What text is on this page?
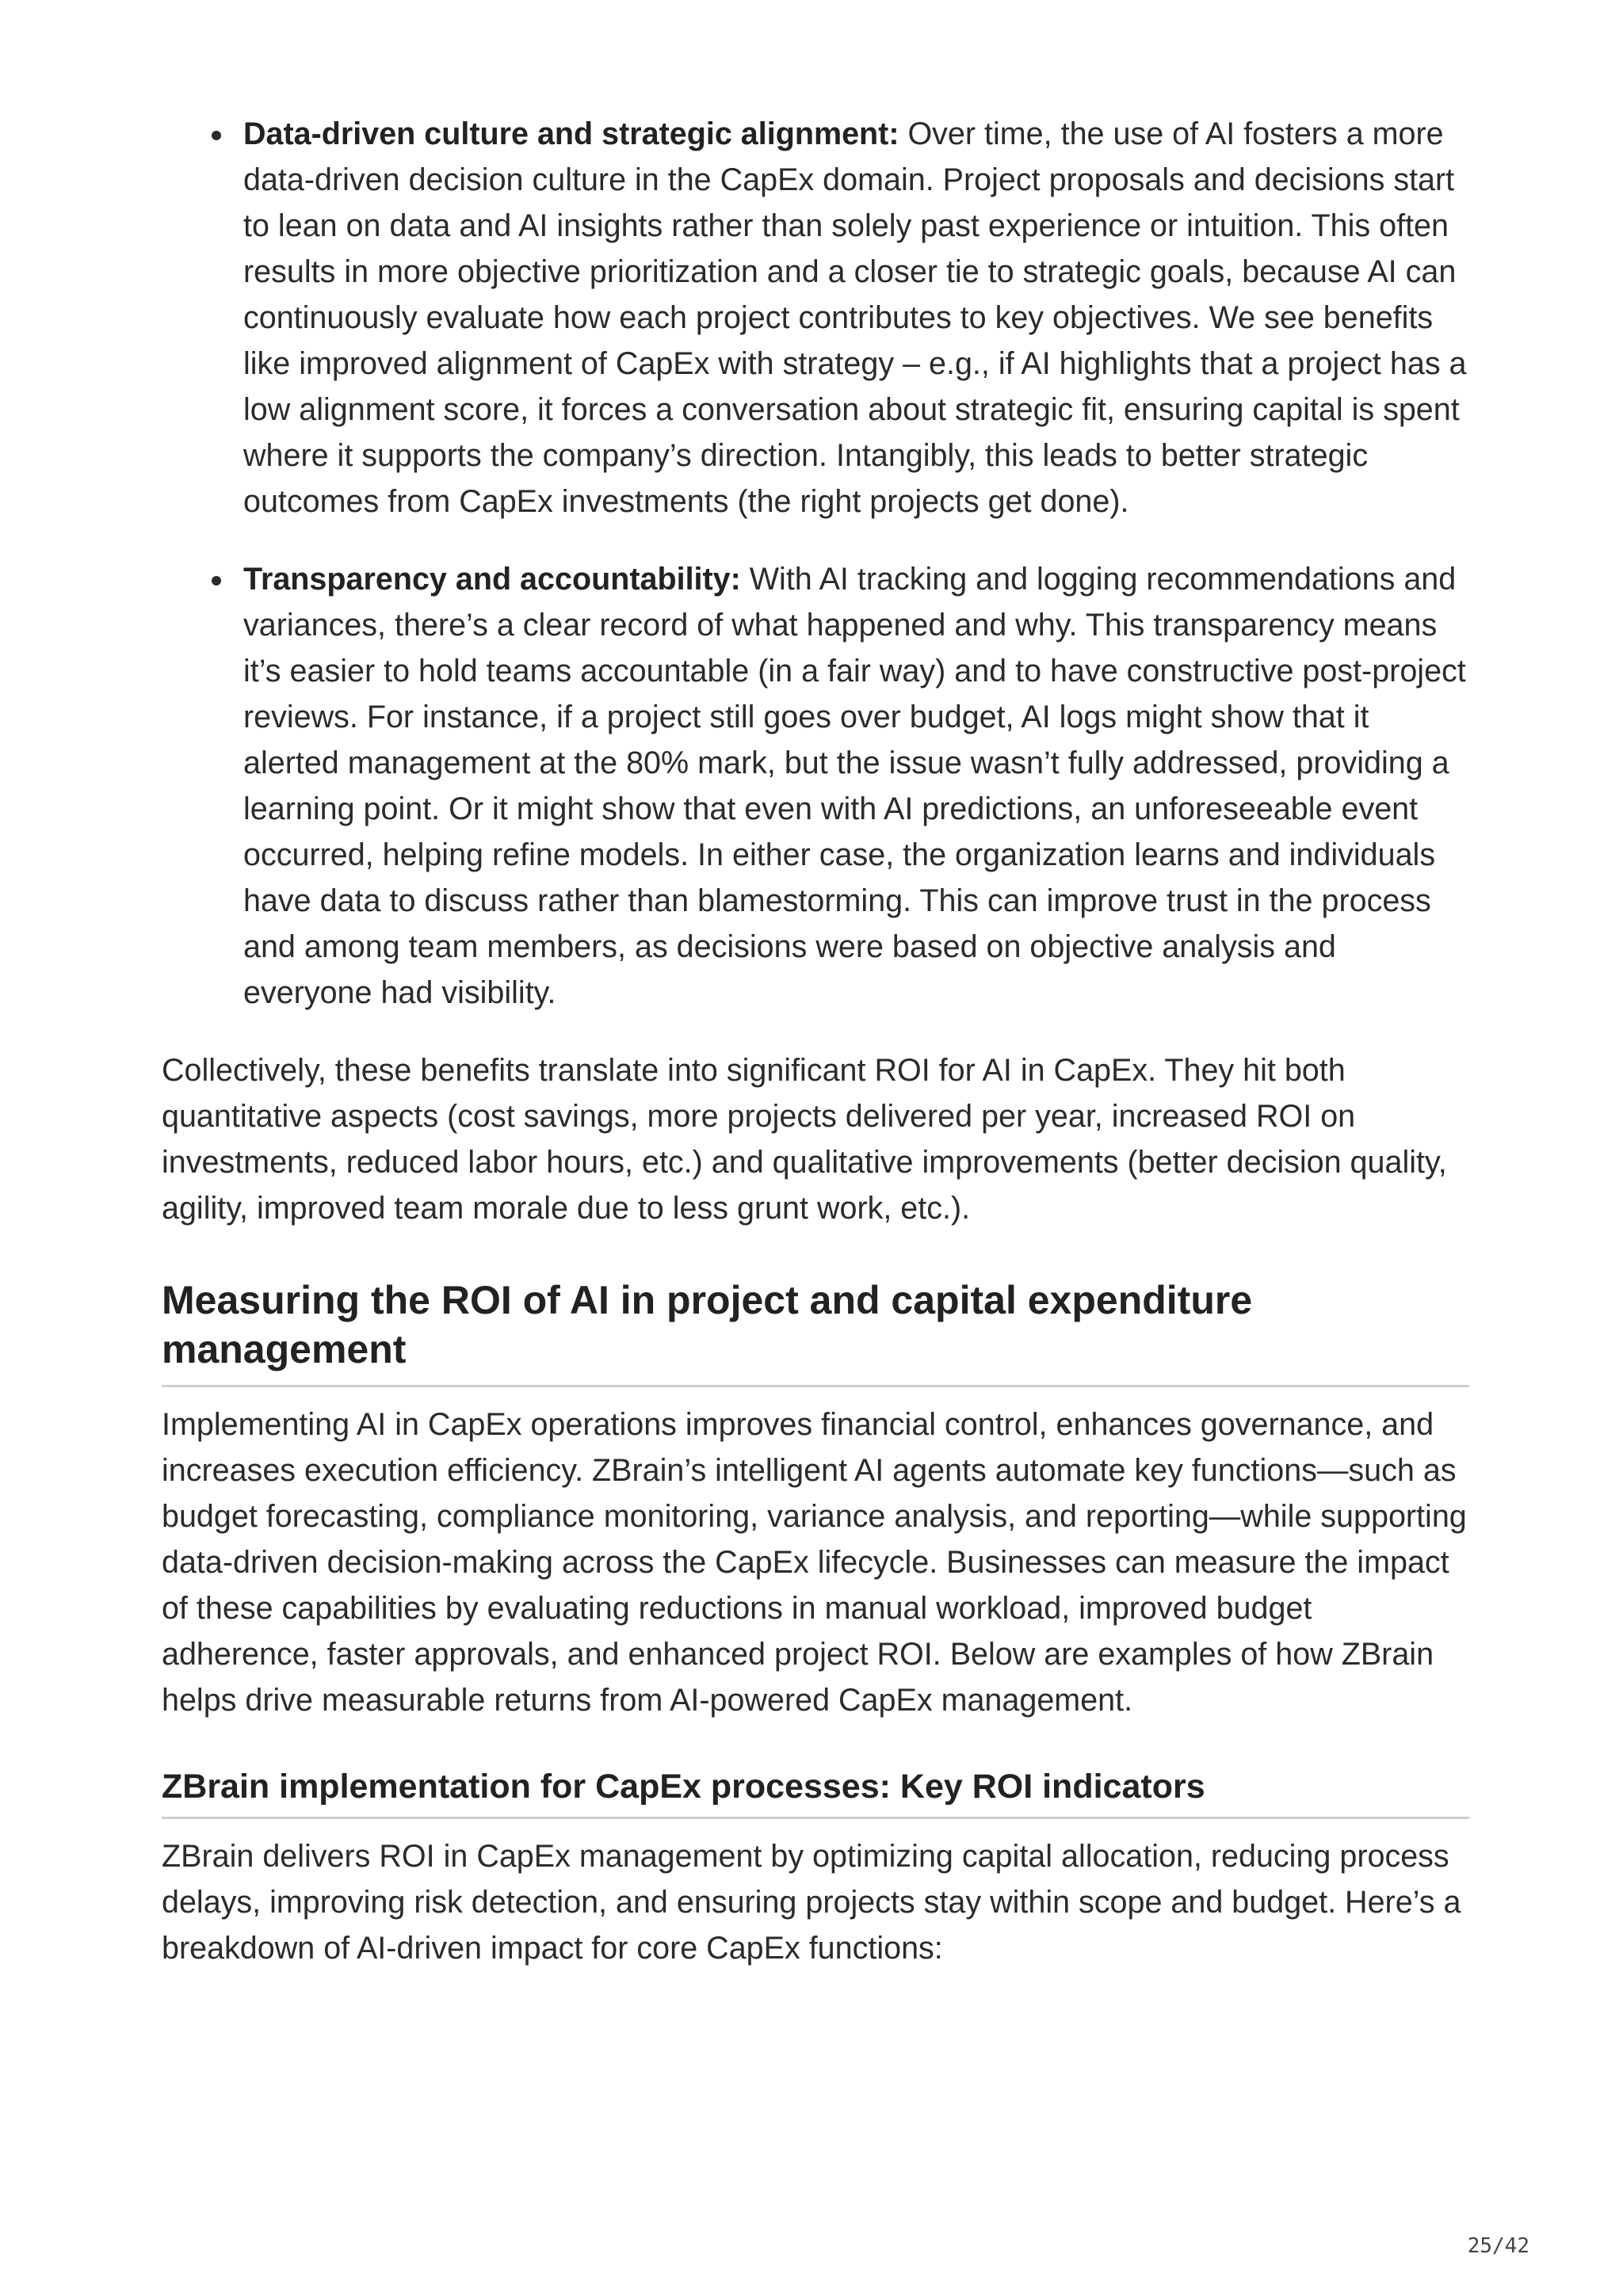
Data-driven culture and strategic alignment: Over time, the use of AI fosters a more data-driven decision culture in the CapEx domain. Project proposals and decisions start to lean on data and AI insights rather than solely past experience or intuition. This often results in more objective prioritization and a closer tie to strategic goals, because AI can continuously evaluate how each project contributes to key objectives. We see benefits like improved alignment of CapEx with strategy – e.g., if AI highlights that a project has a low alignment score, it forces a conversation about strategic fit, ensuring capital is spent where it supports the company’s direction. Intangibly, this leads to better strategic outcomes from CapEx investments (the right projects get done).
Transparency and accountability: With AI tracking and logging recommendations and variances, there’s a clear record of what happened and why. This transparency means it’s easier to hold teams accountable (in a fair way) and to have constructive post-project reviews. For instance, if a project still goes over budget, AI logs might show that it alerted management at the 80% mark, but the issue wasn’t fully addressed, providing a learning point. Or it might show that even with AI predictions, an unforeseeable event occurred, helping refine models. In either case, the organization learns and individuals have data to discuss rather than blamestorming. This can improve trust in the process and among team members, as decisions were based on objective analysis and everyone had visibility.

Collectively, these benefits translate into significant ROI for AI in CapEx. They hit both quantitative aspects (cost savings, more projects delivered per year, increased ROI on investments, reduced labor hours, etc.) and qualitative improvements (better decision quality, agility, improved team morale due to less grunt work, etc.).

Measuring the ROI of AI in project and capital expenditure management

Implementing AI in CapEx operations improves financial control, enhances governance, and increases execution efficiency. ZBrain’s intelligent AI agents automate key functions—such as budget forecasting, compliance monitoring, variance analysis, and reporting—while supporting data-driven decision-making across the CapEx lifecycle. Businesses can measure the impact of these capabilities by evaluating reductions in manual workload, improved budget adherence, faster approvals, and enhanced project ROI. Below are examples of how ZBrain helps drive measurable returns from AI-powered CapEx management.

ZBrain implementation for CapEx processes: Key ROI indicators

ZBrain delivers ROI in CapEx management by optimizing capital allocation, reducing process delays, improving risk detection, and ensuring projects stay within scope and budget. Here’s a breakdown of AI-driven impact for core CapEx functions:

25/42
